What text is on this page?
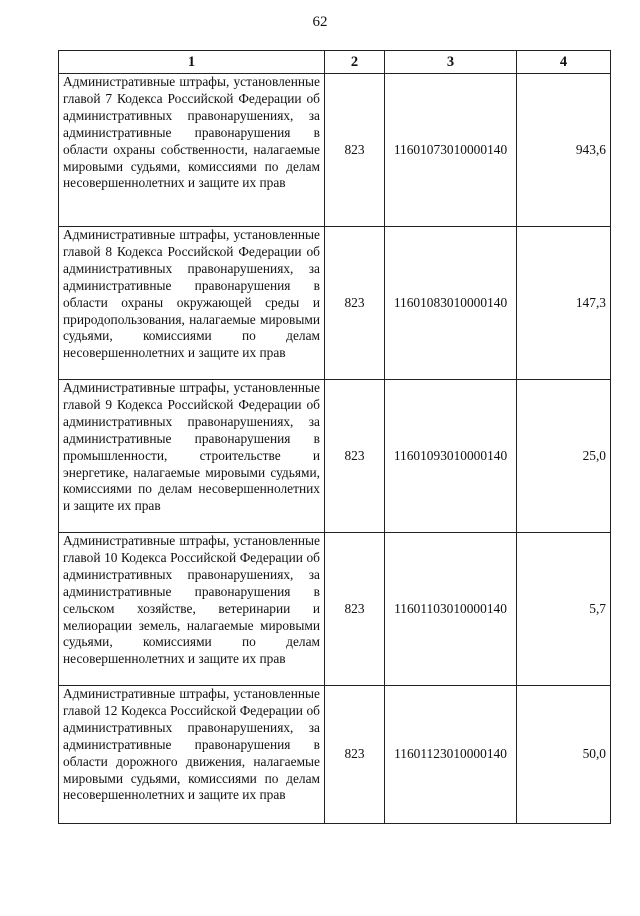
62
1	2	3	4
Административные штрафы, установленные главой 7 Кодекса Российской Федерации об административных правонарушениях, за административные правонарушения в области охраны собственности, налагаемые мировыми судьями, комиссиями по делам несовершеннолетних и защите их прав	823	11601073010000140	943,6
Административные штрафы, установленные главой 8 Кодекса Российской Федерации об административных правонарушениях, за административные правонарушения в области охраны окружающей среды и природопользования, налагаемые мировыми судьями, комиссиями по делам несовершеннолетних и защите их прав	823	11601083010000140	147,3
Административные штрафы, установленные главой 9 Кодекса Российской Федерации об административных правонарушениях, за административные правонарушения в промышленности, строительстве и энергетике, налагаемые мировыми судьями, комиссиями по делам несовершеннолетних и защите их прав	823	11601093010000140	25,0
Административные штрафы, установленные главой 10 Кодекса Российской Федерации об административных правонарушениях, за административные правонарушения в сельском хозяйстве, ветеринарии и мелиорации земель, налагаемые мировыми судьями, комиссиями по делам несовершеннолетних и защите их прав	823	11601103010000140	5,7
Административные штрафы, установленные главой 12 Кодекса Российской Федерации об административных правонарушениях, за административные правонарушения в области дорожного движения, налагаемые мировыми судьями, комиссиями по делам несовершеннолетних и защите их прав	823	11601123010000140	50,0
